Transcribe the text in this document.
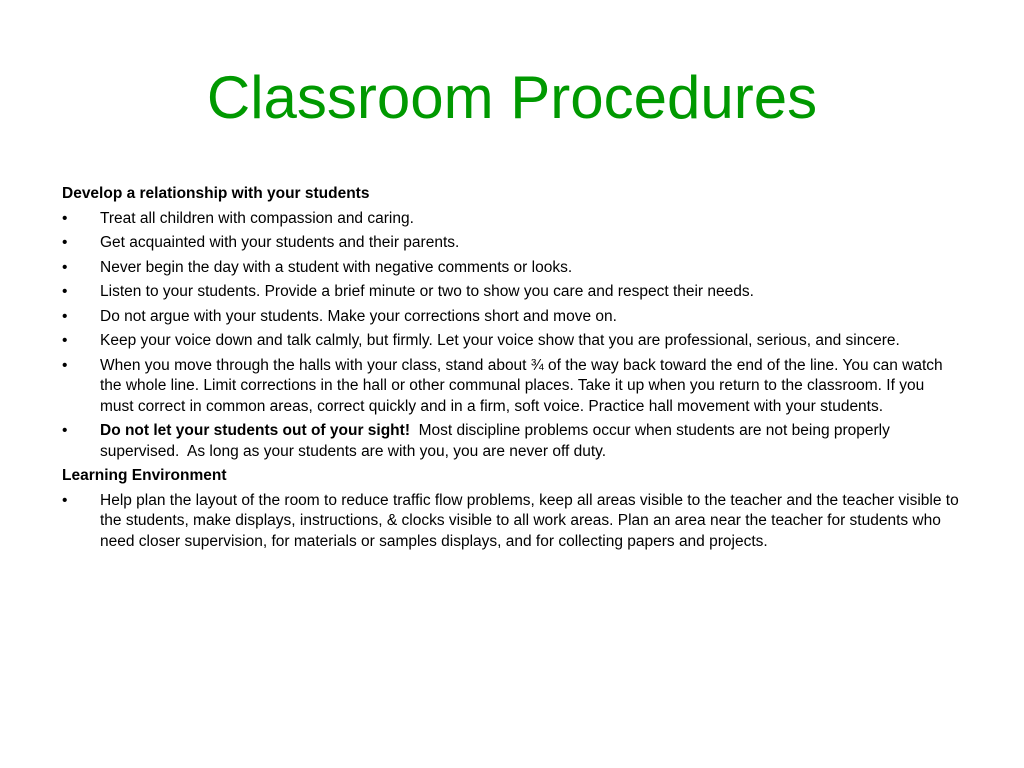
Classroom Procedures
Develop a relationship with your students
• Treat all children with compassion and caring.
• Get acquainted with your students and their parents.
• Never begin the day with a student with negative comments or looks.
• Listen to your students. Provide a brief minute or two to show you care and respect their needs.
• Do not argue with your students. Make your corrections short and move on.
• Keep your voice down and talk calmly, but firmly. Let your voice show that you are professional, serious, and sincere.
• When you move through the halls with your class, stand about ¾ of the way back toward the end of the line. You can watch the whole line. Limit corrections in the hall or other communal places. Take it up when you return to the classroom. If you must correct in common areas, correct quickly and in a firm, soft voice. Practice hall movement with your students.
• Do not let your students out of your sight!  Most discipline problems occur when students are not being properly supervised.  As long as your students are with you, you are never off duty.
Learning Environment
• Help plan the layout of the room to reduce traffic flow problems, keep all areas visible to the teacher and the teacher visible to the students, make displays, instructions, & clocks visible to all work areas. Plan an area near the teacher for students who need closer supervision, for materials or samples displays, and for collecting papers and projects.
